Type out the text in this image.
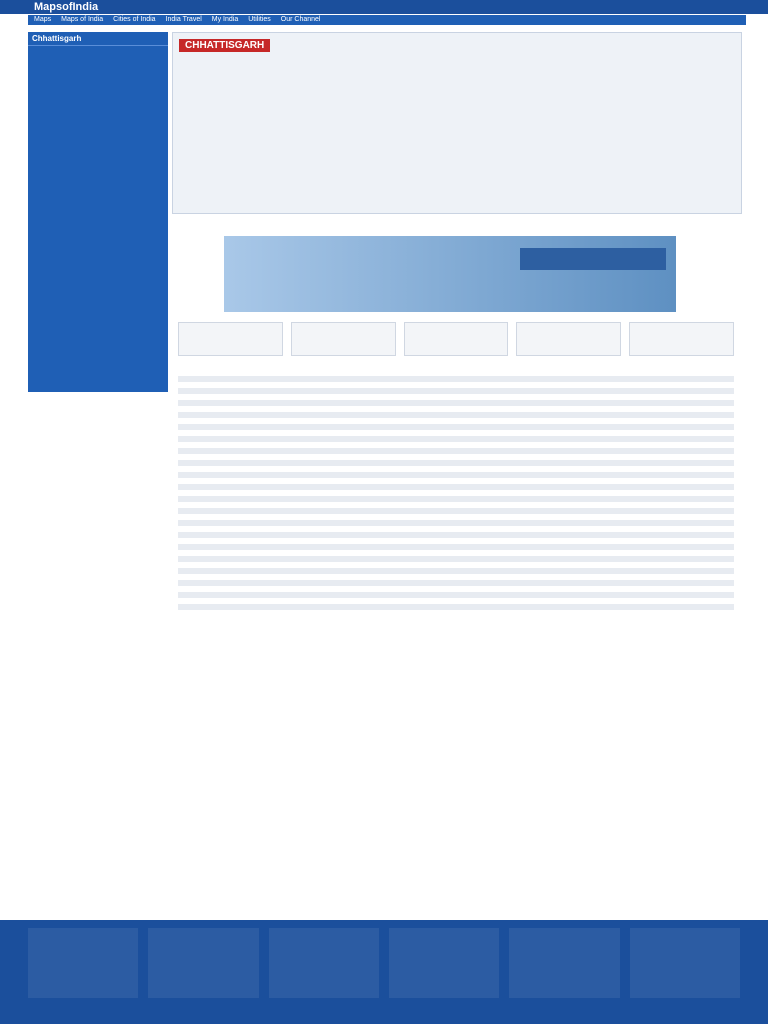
MapsofIndia
Maps Maps of India Cities of India India Travel My India Utilities Our Channel
Chhattisgarh
CHHATTISGARH
